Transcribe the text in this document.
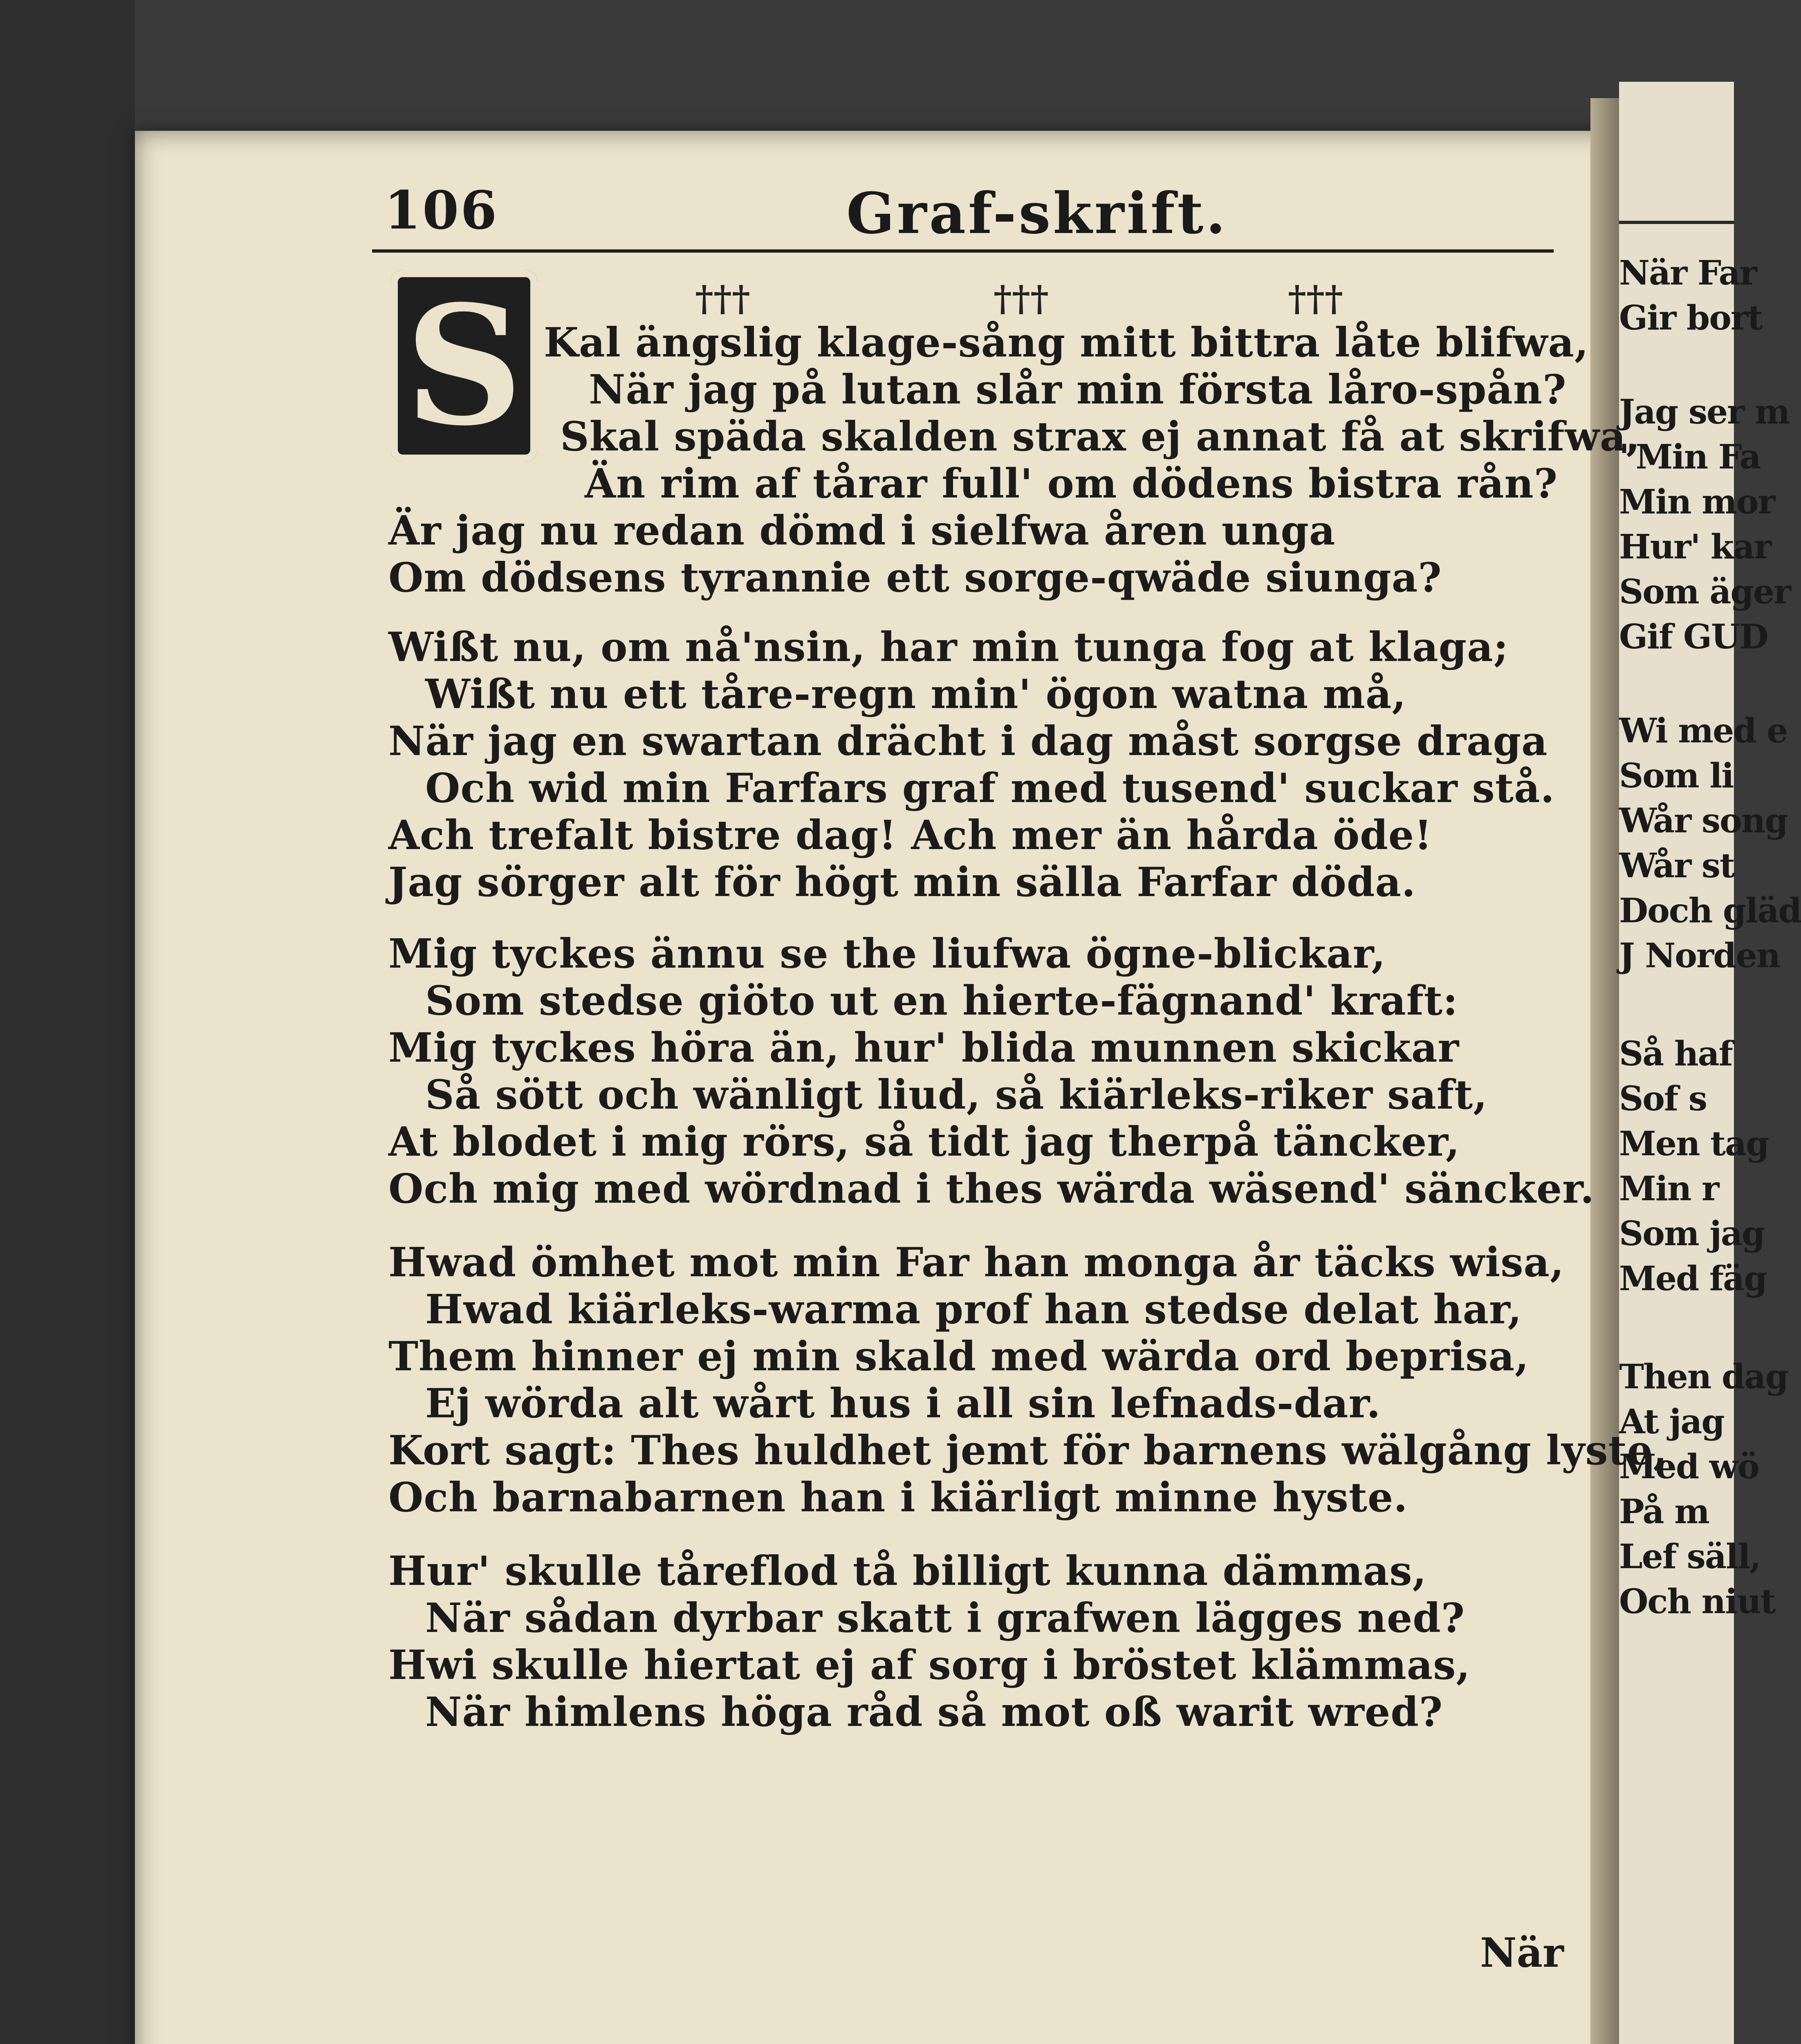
När Far
Gir bort
Jag ser m
"Min Fa
Min mor
Hur' kar
Som äger
Gif GUD
Wi med e
Som li
Wår song
Wår st
Doch gläd
J Norden
Så haf
Sof s
Men tag
Min r
Som jag
Med fäg
Then dag
At jag
Med wö
På m
Lef säll,
Och niut
106	Graf-skrift.
†††	†††	†††
S Kal ängslig klage-sång mitt bittra låte blifwa,
När jag på lutan slår min första låro-spån?
Skal späda skalden strax ej annat få at skrifwa,
Än rim af tårar full' om dödens bistra rån?
Är jag nu redan dömd i sielfwa åren unga
Om dödsens tyrannie ett sorge-qwäde siunga?
Wißt nu, om nå'nsin, har min tunga fog at klaga;
Wißt nu ett tåre-regn min' ögon watna må,
När jag en swartan drächt i dag måst sorgse draga
Och wid min Farfars graf med tusend' suckar stå.
Ach trefalt bistre dag! Ach mer än hårda öde!
Jag sörger alt för högt min sälla Farfar döda.
Mig tyckes ännu se the liufwa ögne-blickar,
Som stedse giöto ut en hierte-fägnand' kraft:
Mig tyckes höra än, hur' blida munnen skickar
Så sött och wänligt liud, så kiärleks-riker saft,
At blodet i mig rörs, så tidt jag therpå täncker,
Och mig med wördnad i thes wärda wäsend' säncker.
Hwad ömhet mot min Far han monga år täcks wisa,
Hwad kiärleks-warma prof han stedse delat har,
Them hinner ej min skald med wärda ord beprisa,
Ej wörda alt wårt hus i all sin lefnads-dar.
Kort sagt: Thes huldhet jemt för barnens wälgång lyste,
Och barnabarnen han i kiärligt minne hyste.
Hur' skulle tåreflod tå billigt kunna dämmas,
När sådan dyrbar skatt i grafwen lägges ned?
Hwi skulle hiertat ej af sorg i bröstet klämmas,
När himlens höga råd så mot oß warit wred?
När
